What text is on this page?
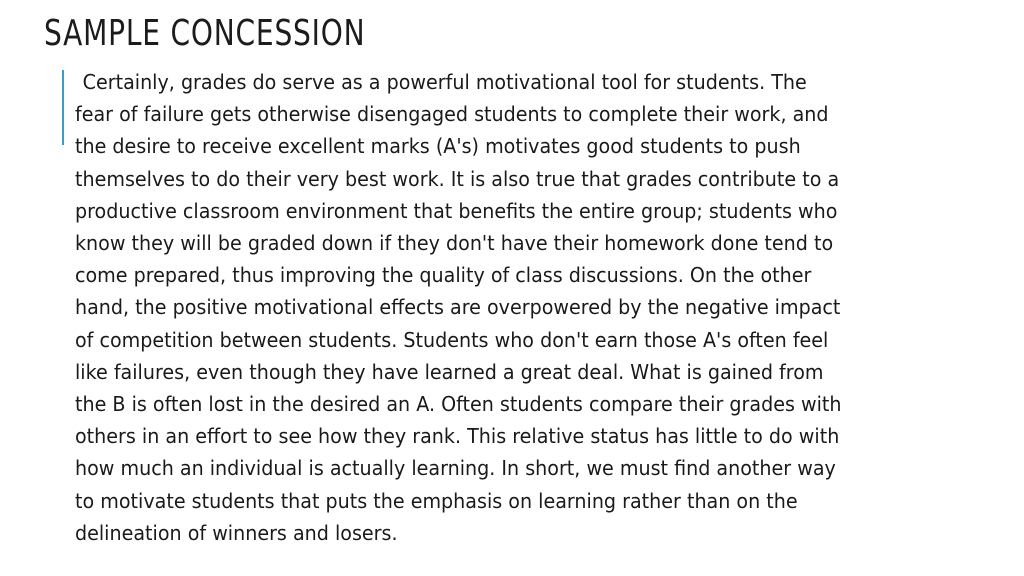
SAMPLE CONCESSION
Certainly, grades do serve as a powerful motivational tool for students. The
fear of failure gets otherwise disengaged students to complete their work, and
the desire to receive excellent marks (A's) motivates good students to push
themselves to do their very best work. It is also true that grades contribute to a
productive classroom environment that benefits the entire group; students who
know they will be graded down if they don't have their homework done tend to
come prepared, thus improving the quality of class discussions. On the other
hand, the positive motivational effects are overpowered by the negative impact
of competition between students. Students who don't earn those A's often feel
like failures, even though they have learned a great deal. What is gained from
the B is often lost in the desired an A. Often students compare their grades with
others in an effort to see how they rank. This relative status has little to do with
how much an individual is actually learning. In short, we must find another way
to motivate students that puts the emphasis on learning rather than on the
delineation of winners and losers.
